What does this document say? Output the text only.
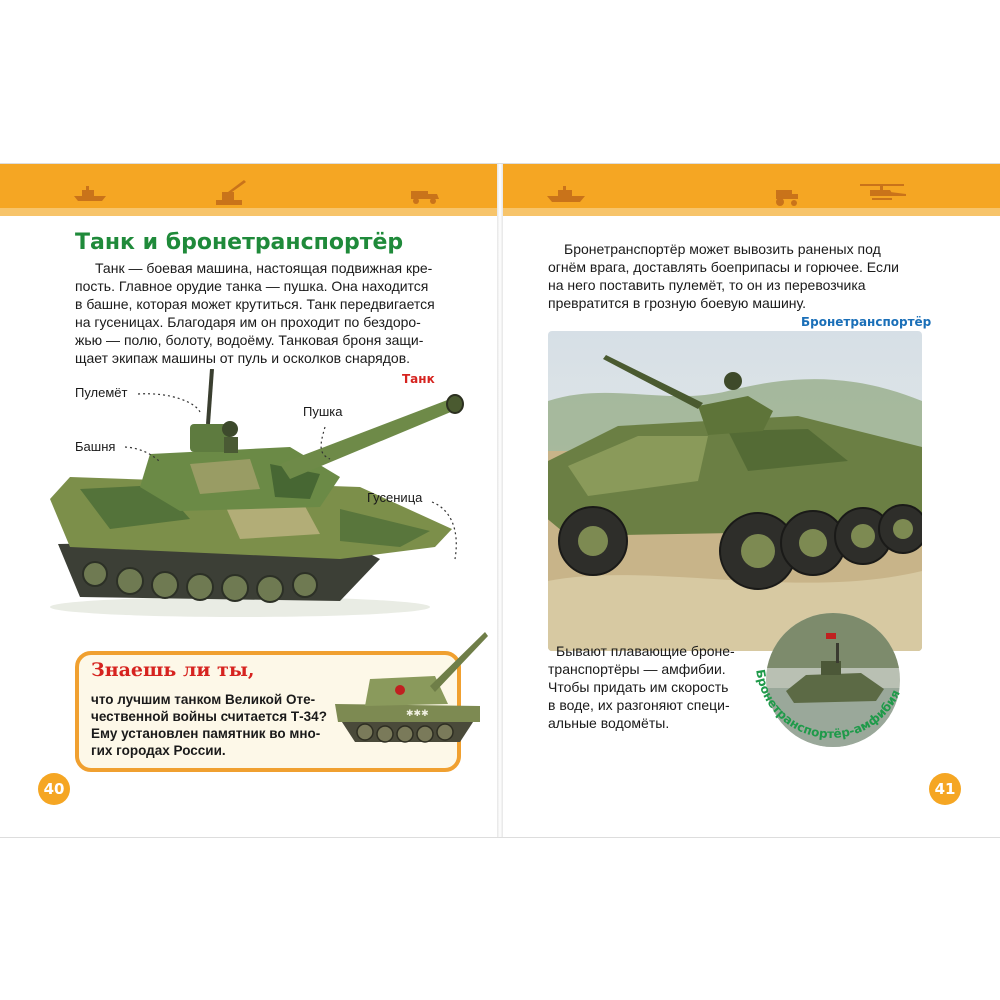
Танк и бронетранспортёр

Танк — боевая машина, настоящая подвижная кре-
пость. Главное орудие танка — пушка. Она находится
в башне, которая может крутиться. Танк передвигается
на гусеницах. Благодаря им он проходит по бездоро-
жью — полю, болоту, водоёму. Танковая броня защи-
щает экипаж машины от пуль и осколков снарядов.

Танк
Пулемёт
Башня
Пушка
Гусеница
Знаешь ли ты,

что лучшим танком Великой Оте-
чественной войны считается Т-34?
Ему установлен памятник во мно-
гих городах России.

✱✱✱
40

Бронетранспортёр может вывозить раненых под
огнём врага, доставлять боеприпасы и горючее. Если
на него поставить пулемёт, то он из перевозчика
превратится в грозную боевую машину.

Бронетранспортёр

Бывают плавающие броне-
транспортёры — амфибии.
Чтобы придать им скорость
в воде, их разгоняют специ-
альные водомёты.

Бронетранспортёр-амфибия
41
